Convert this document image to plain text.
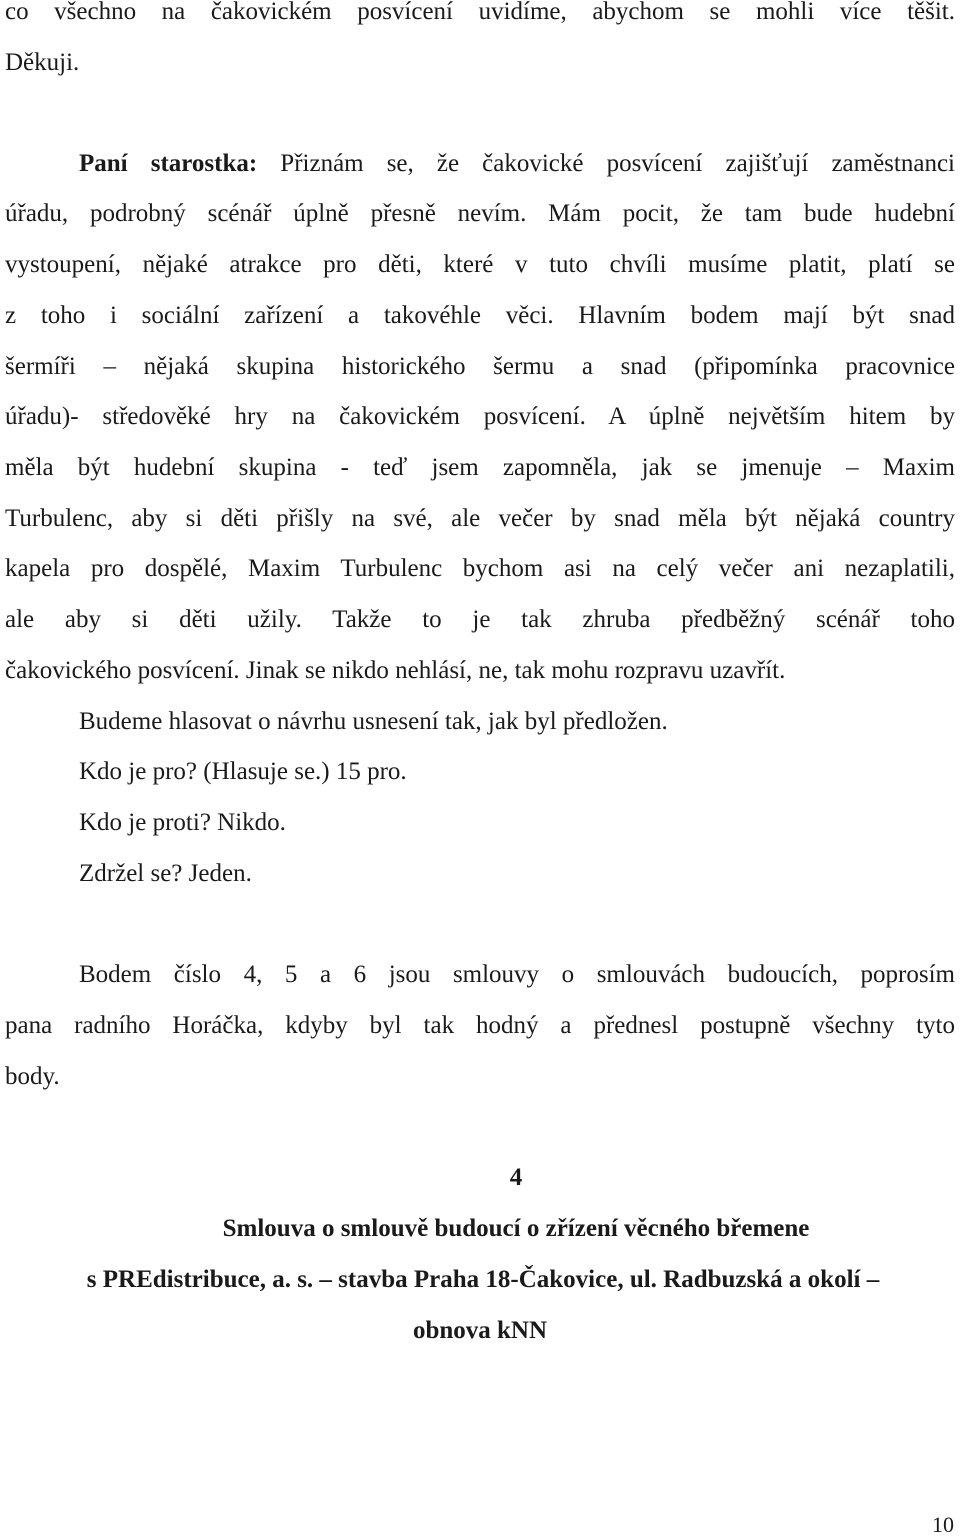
co všechno na čakovickém posvícení uvidíme, abychom se mohli více těšit.
Děkuji.
Paní starostka: Přiznám se, že čakovické posvícení zajišťují zaměstnanci
úřadu, podrobný scénář úplně přesně nevím. Mám pocit, že tam bude hudební
vystoupení, nějaké atrakce pro děti, které v tuto chvíli musíme platit, platí se
z toho i sociální zařízení a takovéhle věci. Hlavním bodem mají být snad
šermíři – nějaká skupina historického šermu a snad (připomínka pracovnice
úřadu)- středověké hry na čakovickém posvícení. A úplně největším hitem by
měla být hudební skupina - teď jsem zapomněla, jak se jmenuje – Maxim
Turbulenc, aby si děti přišly na své, ale večer by snad měla být nějaká country
kapela pro dospělé, Maxim Turbulenc bychom asi na celý večer ani nezaplatili,
ale aby si děti užily. Takže to je tak zhruba předběžný scénář toho
čakovického posvícení. Jinak se nikdo nehlásí, ne, tak mohu rozpravu uzavřít.
Budeme hlasovat o návrhu usnesení tak, jak byl předložen.
Kdo je pro? (Hlasuje se.) 15 pro.
Kdo je proti? Nikdo.
Zdržel se? Jeden.
Bodem číslo 4, 5 a 6 jsou smlouvy o smlouvách budoucích, poprosím
pana radního Horáčka, kdyby byl tak hodný a přednesl postupně všechny tyto
body.
4
Smlouva o smlouvě budoucí o zřízení věcného břemene
s PREdistribuce, a. s. – stavba Praha 18-Čakovice, ul. Radbuzská a okolí –
obnova kNN
10
